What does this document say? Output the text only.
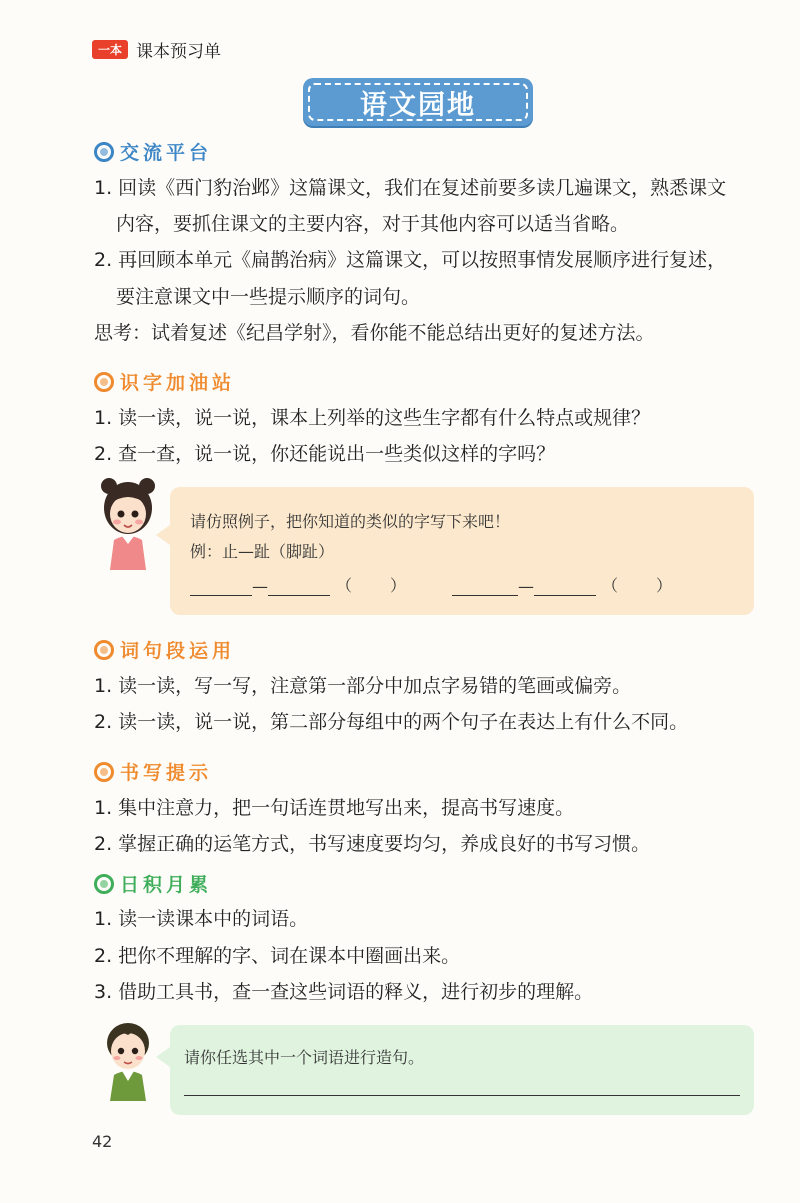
一本 课本预习单
语文园地
交流平台
1. 回读《西门豹治邺》这篇课文，我们在复述前要多读几遍课文，熟悉课文
内容，要抓住课文的主要内容，对于其他内容可以适当省略。
2. 再回顾本单元《扁鹊治病》这篇课文，可以按照事情发展顺序进行复述，
要注意课文中一些提示顺序的词句。
思考：试着复述《纪昌学射》，看你能不能总结出更好的复述方法。
识字加油站
1. 读一读，说一说，课本上列举的这些生字都有什么特点或规律？
2. 查一查，说一说，你还能说出一些类似这样的字吗？
请仿照例子，把你知道的类似的字写下来吧！
例：止—趾（脚趾）
—	（ ）	—	（ ）
词句段运用
1. 读一读，写一写，注意第一部分中加点字易错的笔画或偏旁。
2. 读一读，说一说，第二部分每组中的两个句子在表达上有什么不同。
书写提示
1. 集中注意力，把一句话连贯地写出来，提高书写速度。
2. 掌握正确的运笔方式，书写速度要均匀，养成良好的书写习惯。
日积月累
1. 读一读课本中的词语。
2. 把你不理解的字、词在课本中圈画出来。
3. 借助工具书，查一查这些词语的释义，进行初步的理解。
请你任选其中一个词语进行造句。
42
